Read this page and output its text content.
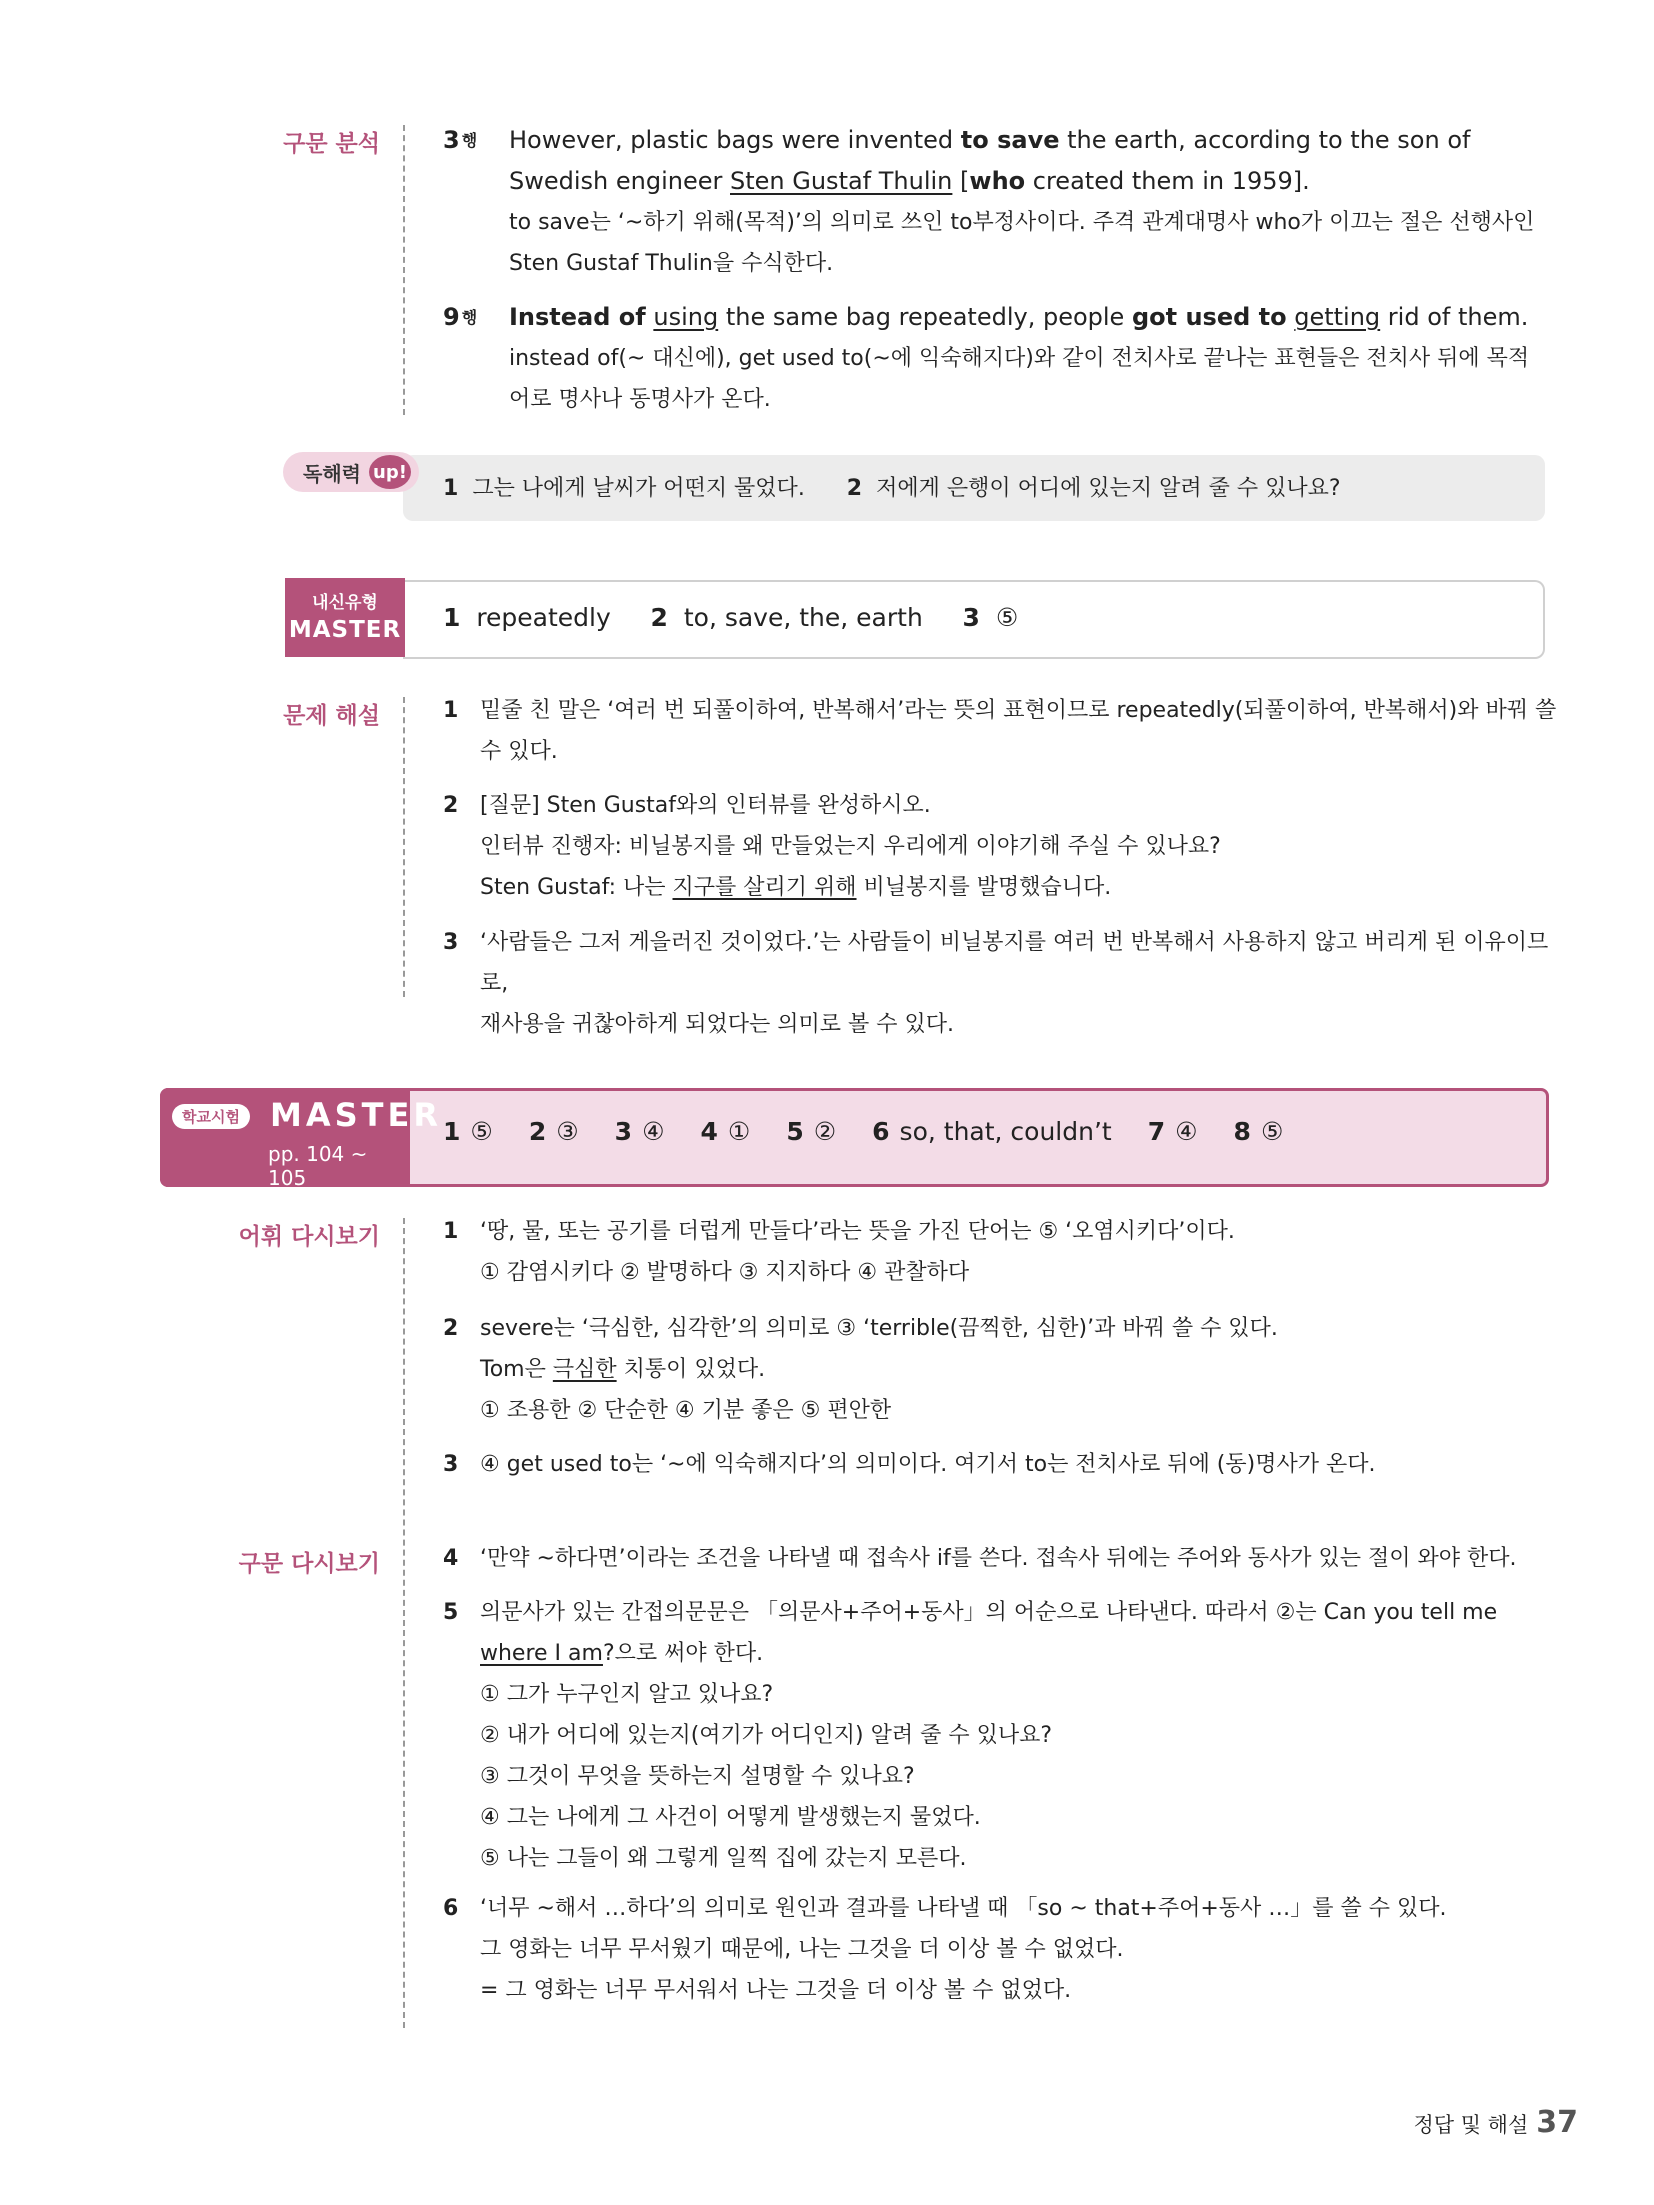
구문 분석	3 $^행$ However, plastic bags were invented to save the earth, according to the son of
Swedish engineer Sten Gustaf Thulin [who created them in 1959].
to save는 ‘~하기 위해(목적)’의 의미로 쓰인 to부정사이다. 주격 관계대명사 who가 이끄는 절은 선행사인
Sten Gustaf Thulin을 수식한다.
9 $^행$ Instead of using the same bag repeatedly, people got used to getting rid of them.
instead of(~ 대신에), get used to(~에 익숙해지다)와 같이 전치사로 끝나는 표현들은 전치사 뒤에 목적
어로 명사나 동명사가 온다.
독해력 up!
1 그는 나에게 날씨가 어떤지 물었다. 2 저에게 은행이 어디에 있는지 알려 줄 수 있나요?
내신유형
MASTER 1 repeatedly 2 to, save, the, earth 3 ⑤
문제 해설	1 밑줄 친 말은 ‘여러 번 되풀이하여, 반복해서’라는 뜻의 표현이므로 repeatedly(되풀이하여, 반복해서)와 바꿔 쓸
수 있다.
2 [질문] Sten Gustaf와의 인터뷰를 완성하시오.
인터뷰 진행자: 비닐봉지를 왜 만들었는지 우리에게 이야기해 주실 수 있나요?
Sten Gustaf: 나는 지구를 살리기 위해 비닐봉지를 발명했습니다.
3 ‘사람들은 그저 게을러진 것이었다.’는 사람들이 비닐봉지를 여러 번 반복해서 사용하지 않고 버리게 된 이유이므로,
재사용을 귀찮아하게 되었다는 의미로 볼 수 있다.
학교시험 MASTER
pp. 104 ~ 105
1 ⑤ 2 ③ 3 ④ 4 ① 5 ② 6 so, that, couldn’t 7 ④ 8 ⑤
어휘 다시보기	1 ‘땅, 물, 또는 공기를 더럽게 만들다’라는 뜻을 가진 단어는 ⑤ ‘오염시키다’이다.
① 감염시키다 ② 발명하다 ③ 지지하다 ④ 관찰하다
2 severe는 ‘극심한, 심각한’의 의미로 ③ ‘terrible(끔찍한, 심한)’과 바꿔 쓸 수 있다.
Tom은 극심한 치통이 있었다.
① 조용한 ② 단순한 ④ 기분 좋은 ⑤ 편안한
3 ④ get used to는 ‘~에 익숙해지다’의 의미이다. 여기서 to는 전치사로 뒤에 (동)명사가 온다.
구문 다시보기	4 ‘만약 ~하다면’이라는 조건을 나타낼 때 접속사 if를 쓴다. 접속사 뒤에는 주어와 동사가 있는 절이 와야 한다.
5 의문사가 있는 간접의문문은 「의문사+주어+동사」의 어순으로 나타낸다. 따라서 ②는 Can you tell me
where I am?으로 써야 한다.
① 그가 누구인지 알고 있나요?
② 내가 어디에 있는지(여기가 어디인지) 알려 줄 수 있나요?
③ 그것이 무엇을 뜻하는지 설명할 수 있나요?
④ 그는 나에게 그 사건이 어떻게 발생했는지 물었다.
⑤ 나는 그들이 왜 그렇게 일찍 집에 갔는지 모른다.
6 ‘너무 ~해서 …하다’의 의미로 원인과 결과를 나타낼 때 「so ~ that+주어+동사 …」를 쓸 수 있다.
그 영화는 너무 무서웠기 때문에, 나는 그것을 더 이상 볼 수 없었다.
= 그 영화는 너무 무서워서 나는 그것을 더 이상 볼 수 없었다.
정답 및 해설 37
